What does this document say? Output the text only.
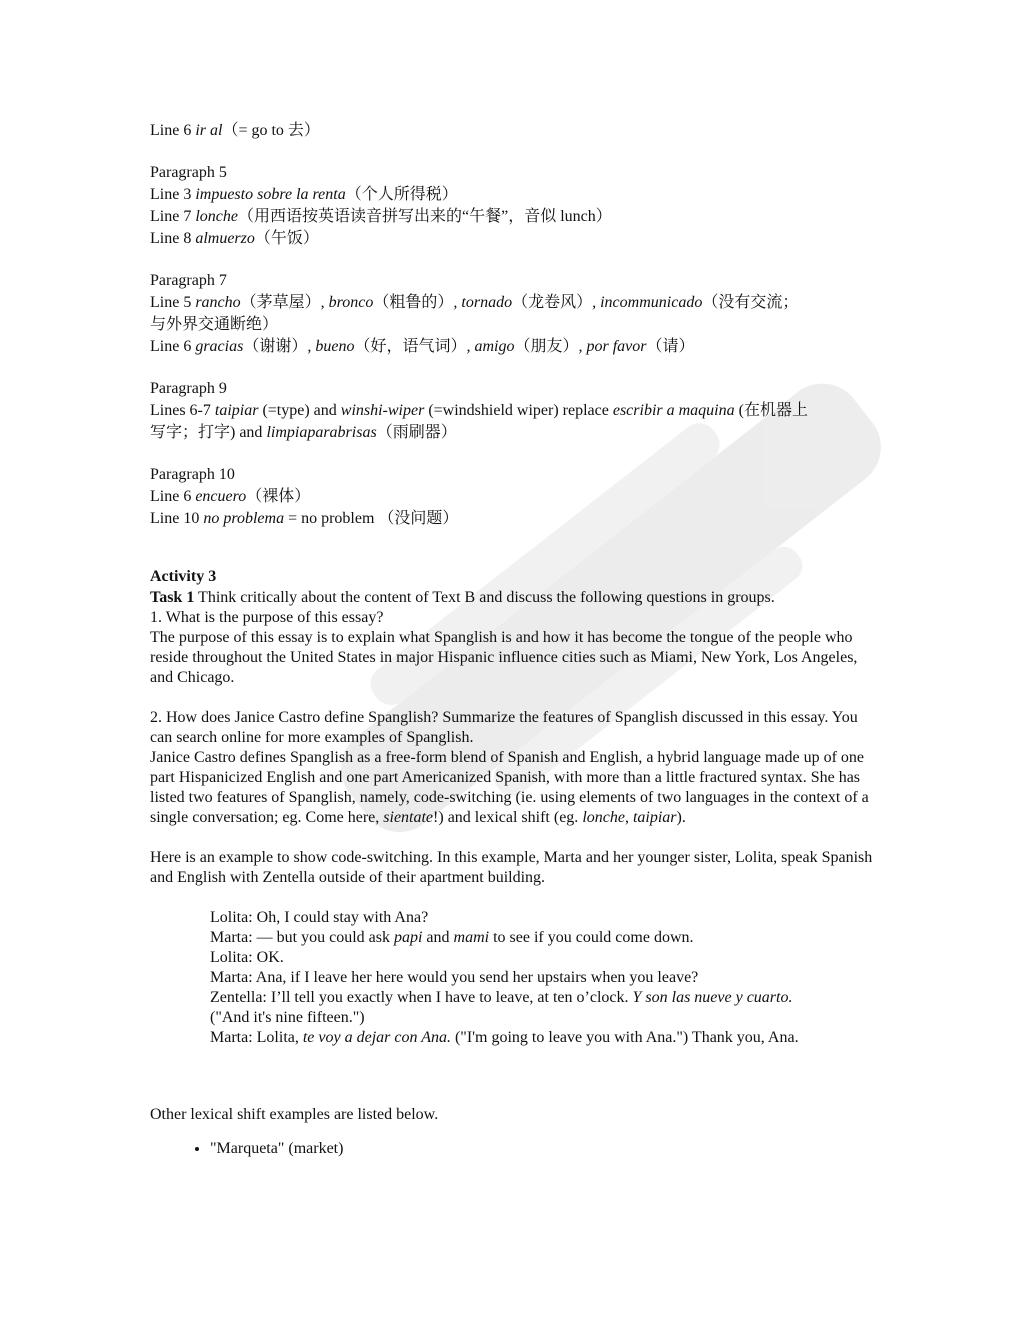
Line 6 ir al（= go to 去）
Paragraph 5
Line 3 impuesto sobre la renta（个人所得税）
Line 7 lonche（用西语按英语读音拼写出来的“午餐”，音似 lunch）
Line 8 almuerzo（午饭）
Paragraph 7
Line 5 rancho（茅草屋）, bronco（粗鲁的）, tornado（龙卷风）, incommunicado（没有交流；
与外界交通断绝）
Line 6 gracias（谢谢）, bueno（好，语气词）, amigo（朋友）, por favor（请）
Paragraph 9
Lines 6-7 taipiar (=type) and winshi-wiper (=windshield wiper) replace escribir a maquina (在机器上
写字；打字) and limpiaparabrisas（雨刷器）
Paragraph 10
Line 6 encuero（裸体）
Line 10 no problema = no problem （没问题）
Activity 3
Task 1 Think critically about the content of Text B and discuss the following questions in groups.
1. What is the purpose of this essay?
The purpose of this essay is to explain what Spanglish is and how it has become the tongue of the people who reside throughout the United States in major Hispanic influence cities such as Miami, New York, Los Angeles, and Chicago.
2. How does Janice Castro define Spanglish? Summarize the features of Spanglish discussed in this essay. You can search online for more examples of Spanglish.
Janice Castro defines Spanglish as a free-form blend of Spanish and English, a hybrid language made up of one part Hispanicized English and one part Americanized Spanish, with more than a little fractured syntax. She has listed two features of Spanglish, namely, code-switching (ie. using elements of two languages in the context of a single conversation; eg. Come here, sientate!) and lexical shift (eg. lonche, taipiar).
Here is an example to show code-switching. In this example, Marta and her younger sister, Lolita, speak Spanish and English with Zentella outside of their apartment building.
Lolita: Oh, I could stay with Ana?
Marta: — but you could ask papi and mami to see if you could come down.
Lolita: OK.
Marta: Ana, if I leave her here would you send her upstairs when you leave?
Zentella: I’ll tell you exactly when I have to leave, at ten o’clock. Y son las nueve y cuarto.
("And it's nine fifteen.")
Marta: Lolita, te voy a dejar con Ana. ("I'm going to leave you with Ana.") Thank you, Ana.
Other lexical shift examples are listed below.
• "Marqueta" (market)
